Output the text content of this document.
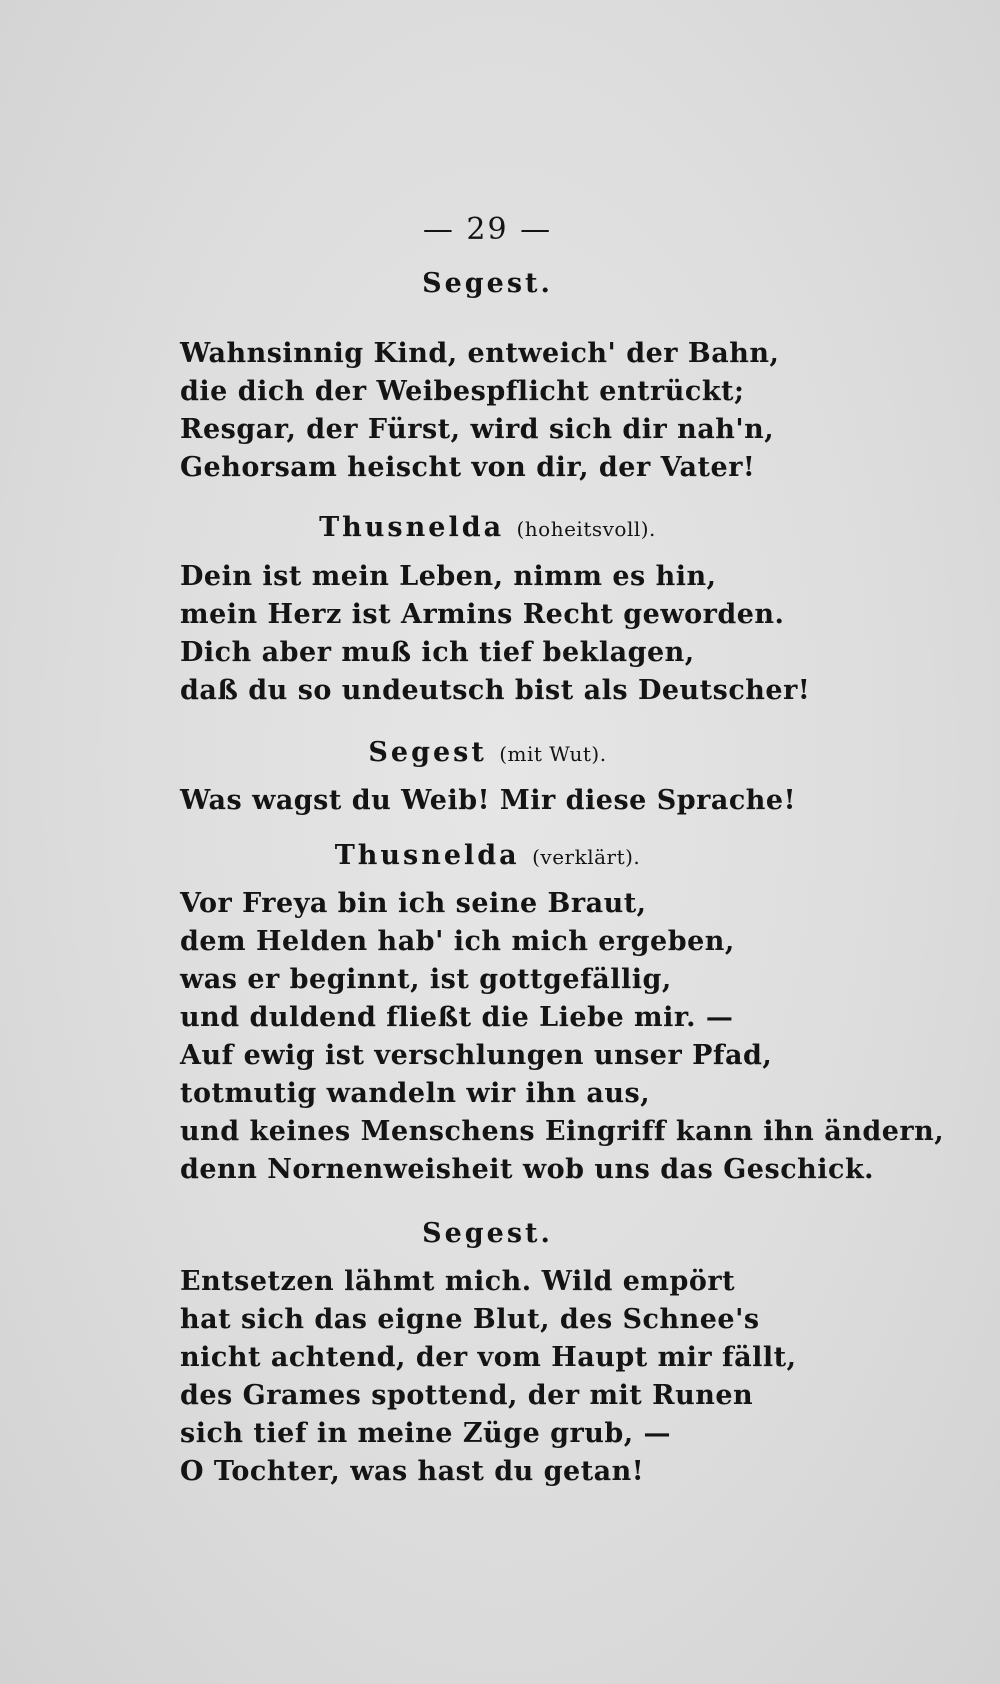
— 29 —
Segest.
Wahnsinnig Kind, entweich' der Bahn,
die dich der Weibespflicht entrückt;
Resgar, der Fürst, wird sich dir nah'n,
Gehorsam heischt von dir, der Vater!
Thusnelda (hoheitsvoll).
Dein ist mein Leben, nimm es hin,
mein Herz ist Armins Recht geworden.
Dich aber muß ich tief beklagen,
daß du so undeutsch bist als Deutscher!
Segest (mit Wut).
Was wagst du Weib! Mir diese Sprache!
Thusnelda (verklärt).
Vor Freya bin ich seine Braut,
dem Helden hab' ich mich ergeben,
was er beginnt, ist gottgefällig,
und duldend fließt die Liebe mir. —
Auf ewig ist verschlungen unser Pfad,
totmutig wandeln wir ihn aus,
und keines Menschens Eingriff kann ihn ändern,
denn Nornenweisheit wob uns das Geschick.
Segest.
Entsetzen lähmt mich. Wild empört
hat sich das eigne Blut, des Schnee's
nicht achtend, der vom Haupt mir fällt,
des Grames spottend, der mit Runen
sich tief in meine Züge grub, —
O Tochter, was hast du getan!
